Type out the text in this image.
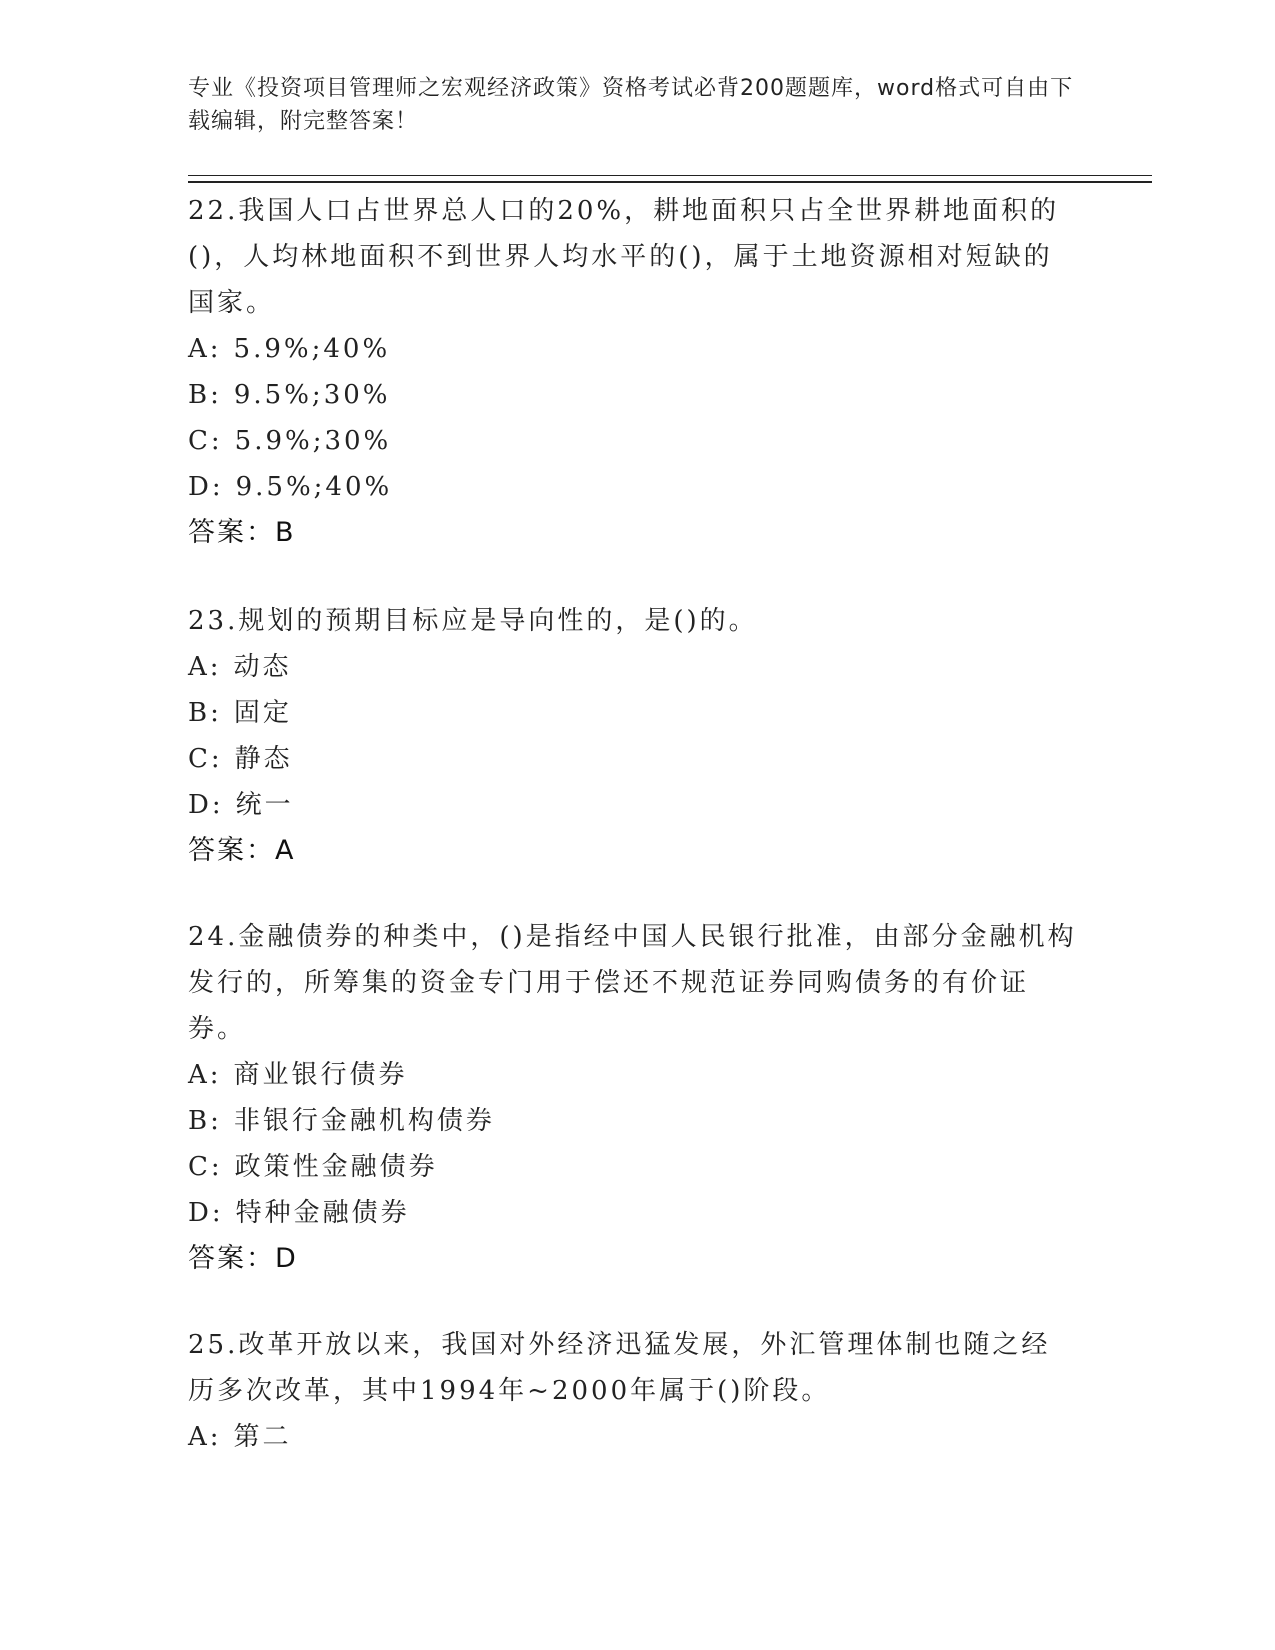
专业《投资项目管理师之宏观经济政策》资格考试必背200题题库，word格式可自由下载编辑，附完整答案！

22.我国人口占世界总人口的20%，耕地面积只占全世界耕地面积的()，人均林地面积不到世界人均水平的()，属于土地资源相对短缺的国家。

A: 5.9%;40%

B: 9.5%;30%

C: 5.9%;30%

D: 9.5%;40%

答案：B

23.规划的预期目标应是导向性的，是()的。

A: 动态

B: 固定

C: 静态

D: 统一

答案：A

24.金融债券的种类中，()是指经中国人民银行批准，由部分金融机构发行的，所筹集的资金专门用于偿还不规范证券同购债务的有价证券。

A: 商业银行债券

B: 非银行金融机构债券

C: 政策性金融债券

D: 特种金融债券

答案：D

25.改革开放以来，我国对外经济迅猛发展，外汇管理体制也随之经历多次改革，其中1994年~2000年属于()阶段。

A: 第二
